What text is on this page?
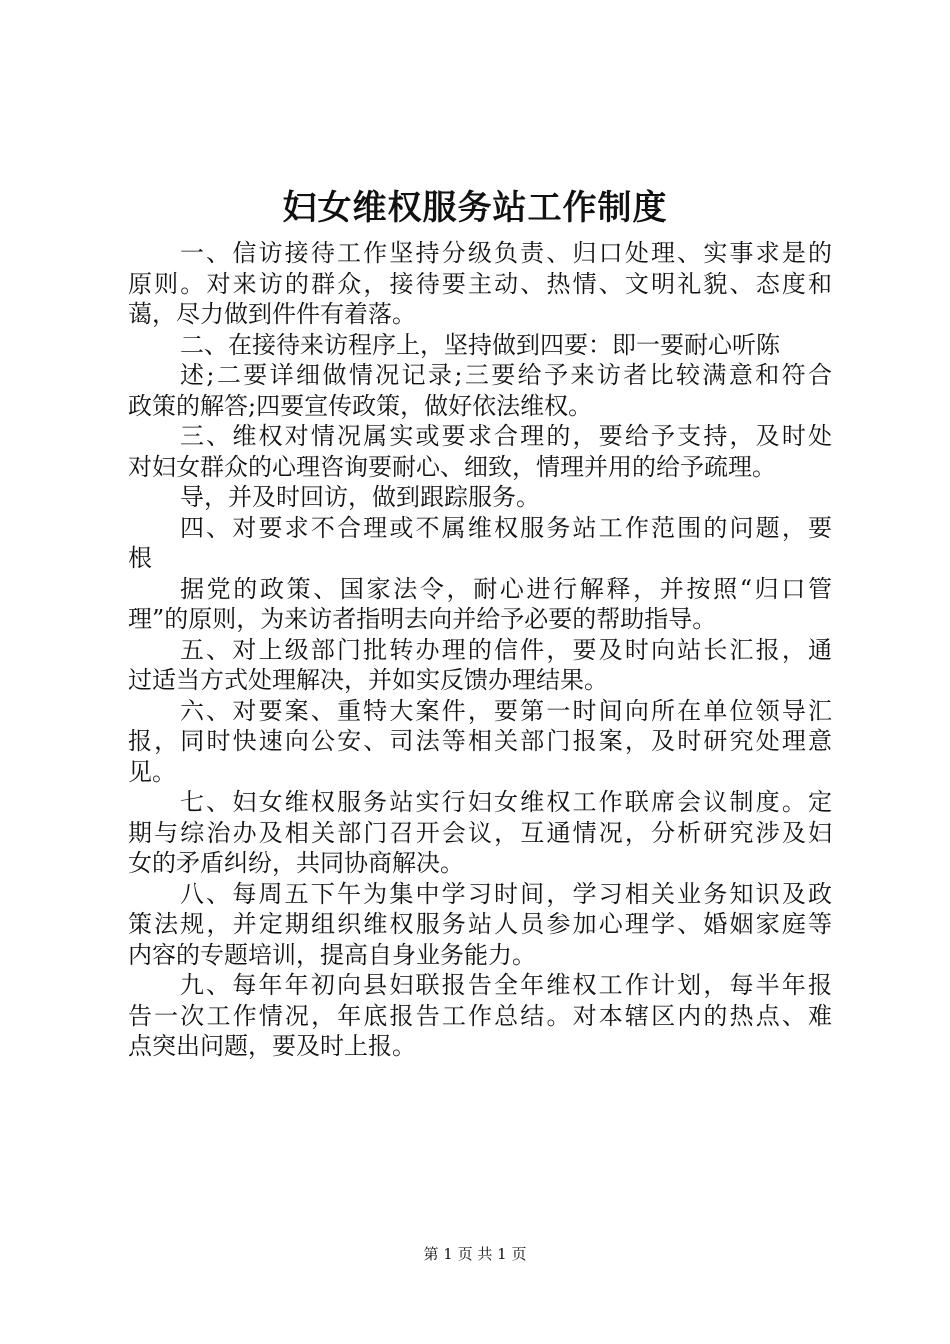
妇女维权服务站工作制度
一、信访接待工作坚持分级负责、归口处理、实事求是的
原则。对来访的群众，接待要主动、热情、文明礼貌、态度和
蔼，尽力做到件件有着落。
二、在接待来访程序上，坚持做到四要：即一要耐心听陈
述;二要详细做情况记录;三要给予来访者比较满意和符合
政策的解答;四要宣传政策，做好依法维权。
三、维权对情况属实或要求合理的，要给予支持，及时处
对妇女群众的心理咨询要耐心、细致，情理并用的给予疏理。
导，并及时回访，做到跟踪服务。
四、对要求不合理或不属维权服务站工作范围的问题，要
根
据党的政策、国家法令，耐心进行解释，并按照“归口管
理”的原则，为来访者指明去向并给予必要的帮助指导。
五、对上级部门批转办理的信件，要及时向站长汇报，通
过适当方式处理解决，并如实反馈办理结果。
六、对要案、重特大案件，要第一时间向所在单位领导汇
报，同时快速向公安、司法等相关部门报案，及时研究处理意
见。
七、妇女维权服务站实行妇女维权工作联席会议制度。定
期与综治办及相关部门召开会议，互通情况，分析研究涉及妇
女的矛盾纠纷，共同协商解决。
八、每周五下午为集中学习时间，学习相关业务知识及政
策法规，并定期组织维权服务站人员参加心理学、婚姻家庭等
内容的专题培训，提高自身业务能力。
九、每年年初向县妇联报告全年维权工作计划，每半年报
告一次工作情况，年底报告工作总结。对本辖区内的热点、难
点突出问题，要及时上报。
第 1 页 共 1 页
